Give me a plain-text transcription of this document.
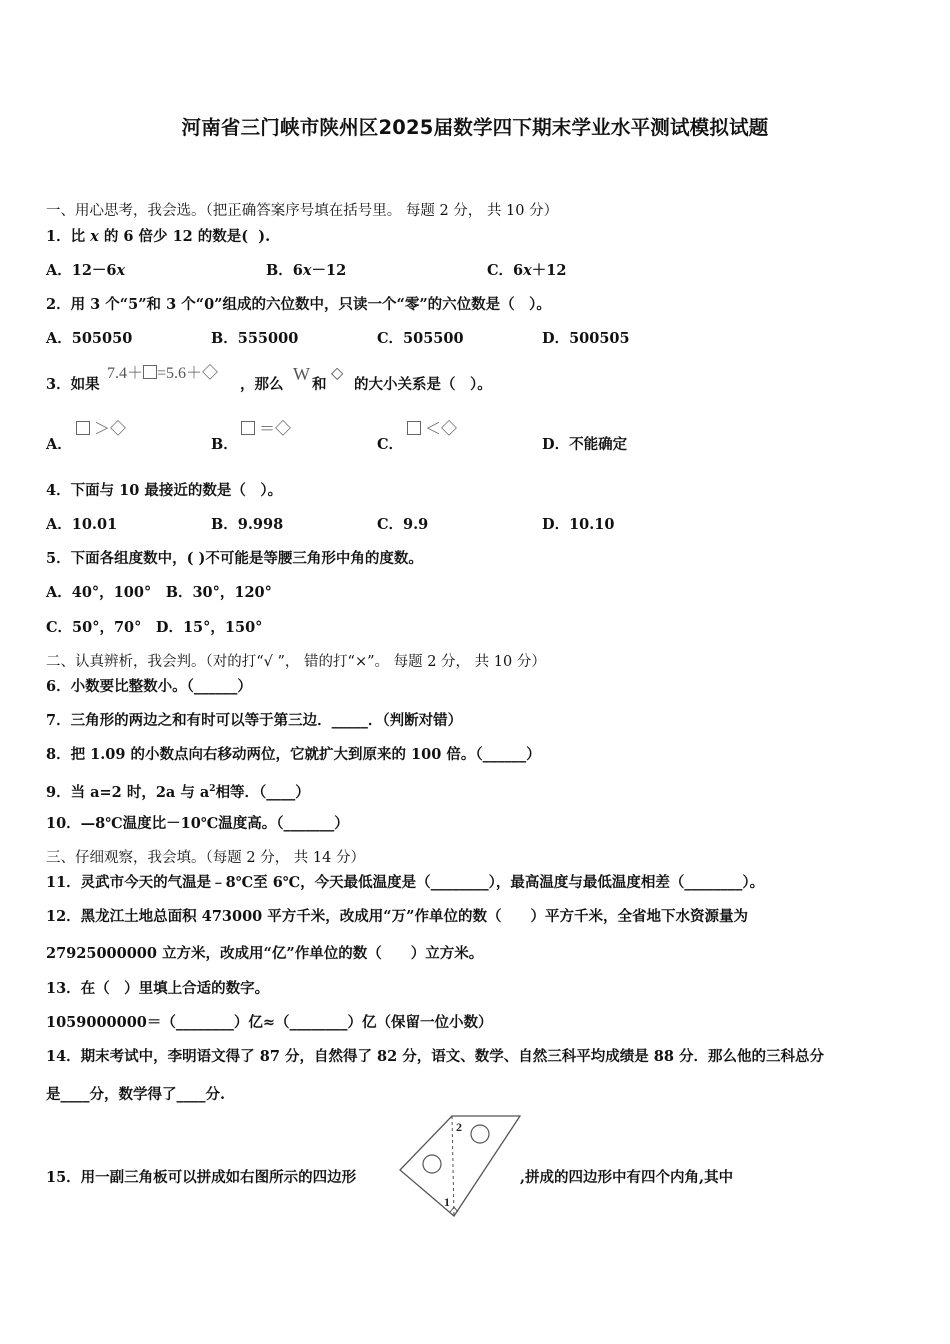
河南省三门峡市陕州区2025届数学四下期末学业水平测试模拟试题
一、用心思考，我会选。（把正确答案序号填在括号里。 每题 2 分， 共 10 分）
1．比 x 的 6 倍少 12 的数是( ).
A．12－6x	B．6x－12	C．6x＋12
2．用 3 个“5”和 3 个“0”组成的六位数中，只读一个“零”的六位数是（　）。
A．505050	B．555000	C．505500	D．500505
3．如果
7.4＋ =5.6＋◇
，那么
W
和
◇
的大小关系是（　）。
A．
＞◇
B．
＝◇
C．
＜◇
D．不能确定
4．下面与 10 最接近的数是（　）。
A．10.01	B．9.998	C．9.9	D．10.10
5．下面各组度数中，( )不可能是等腰三角形中角的度数。
A．40°，100°　B．30°，120°
C．50°，70°　D．15°，150°
二、认真辨析，我会判。（对的打“√ ”， 错的打“×”。 每题 2 分， 共 10 分）
6．小数要比整数小。（______）
7．三角形的两边之和有时可以等于第三边．_____．（判断对错）
8．把 1.09 的小数点向右移动两位，它就扩大到原来的 100 倍。（______）
9．当 a=2 时，2a 与 $a^2$相等．（____）
10．—8℃温度比－10℃温度高。（_______）
三、仔细观察，我会填。（每题 2 分， 共 14 分）
11．灵武市今天的气温是﹣8℃至 6℃，今天最低温度是（________），最高温度与最低温度相差（________）。
12．黑龙江土地总面积 473000 平方千米，改成用“万”作单位的数（　　）平方千米，全省地下水资源量为
27925000000 立方米，改成用“亿”作单位的数（　　）立方米。
13．在（　）里填上合适的数字。
1059000000＝（________）亿≈（________）亿（保留一位小数）
14．期末考试中，李明语文得了 87 分，自然得了 82 分，语文、数学、自然三科平均成绩是 88 分．那么他的三科总分
是____分，数学得了____分.
15．用一副三角板可以拼成如右图所示的四边形
2
1
,拼成的四边形中有四个内角,其中
